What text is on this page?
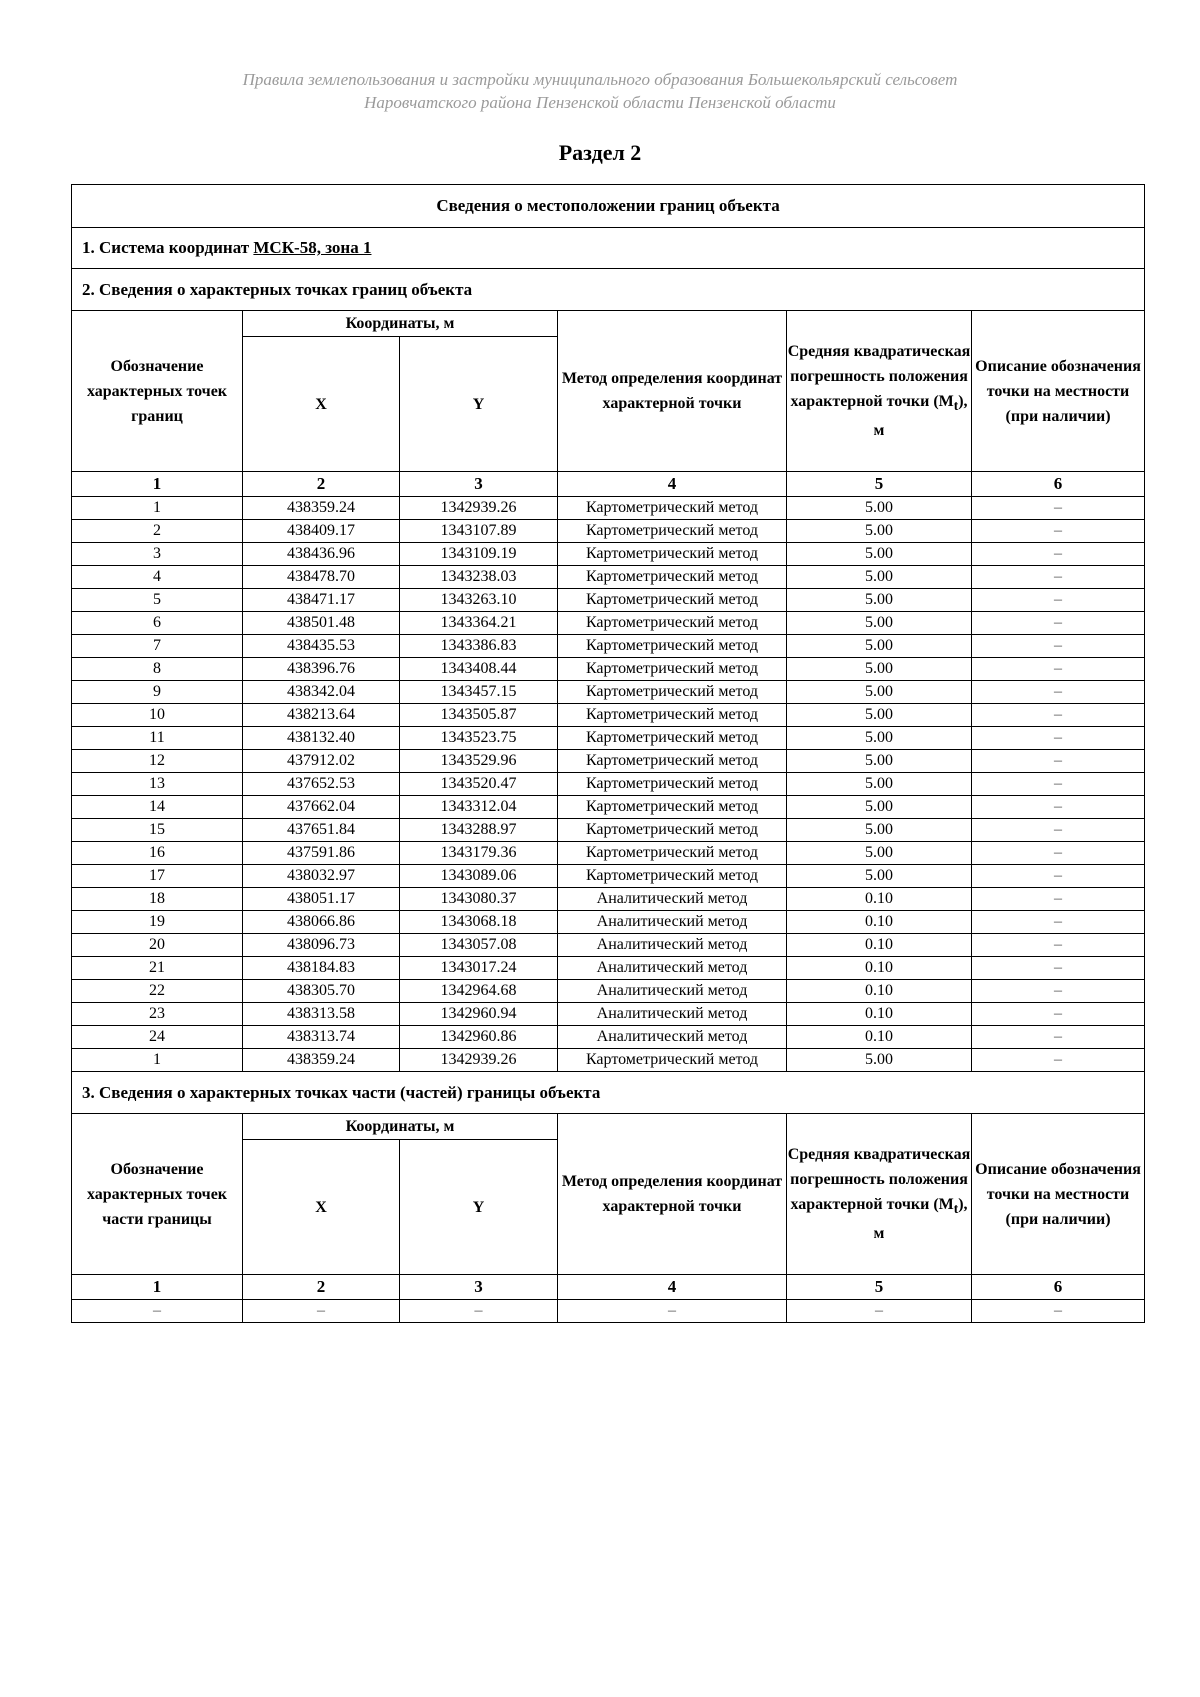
Правила землепользования и застройки муниципального образования Большекольярский сельсовет
Наровчатского района Пензенской области Пензенской области
Раздел 2
Сведения о местоположении границ объекта					
1. Система координат МСК-58, зона 1					
2. Сведения о характерных точках границ объекта					
Обозначение характерных точек границ	Координаты, м		Метод определения координат характерной точки	Средняя квадратическая погрешность положения характерной точки $(M_t)$, м	Описание обозначения точки на местности (при наличии)
	X	Y			
1	2	3	4	5	6
1	438359.24	1342939.26	Картометрический метод	5.00	–
2	438409.17	1343107.89	Картометрический метод	5.00	–
3	438436.96	1343109.19	Картометрический метод	5.00	–
4	438478.70	1343238.03	Картометрический метод	5.00	–
5	438471.17	1343263.10	Картометрический метод	5.00	–
6	438501.48	1343364.21	Картометрический метод	5.00	–
7	438435.53	1343386.83	Картометрический метод	5.00	–
8	438396.76	1343408.44	Картометрический метод	5.00	–
9	438342.04	1343457.15	Картометрический метод	5.00	–
10	438213.64	1343505.87	Картометрический метод	5.00	–
11	438132.40	1343523.75	Картометрический метод	5.00	–
12	437912.02	1343529.96	Картометрический метод	5.00	–
13	437652.53	1343520.47	Картометрический метод	5.00	–
14	437662.04	1343312.04	Картометрический метод	5.00	–
15	437651.84	1343288.97	Картометрический метод	5.00	–
16	437591.86	1343179.36	Картометрический метод	5.00	–
17	438032.97	1343089.06	Картометрический метод	5.00	–
18	438051.17	1343080.37	Аналитический метод	0.10	–
19	438066.86	1343068.18	Аналитический метод	0.10	–
20	438096.73	1343057.08	Аналитический метод	0.10	–
21	438184.83	1343017.24	Аналитический метод	0.10	–
22	438305.70	1342964.68	Аналитический метод	0.10	–
23	438313.58	1342960.94	Аналитический метод	0.10	–
24	438313.74	1342960.86	Аналитический метод	0.10	–
1	438359.24	1342939.26	Картометрический метод	5.00	–
3. Сведения о характерных точках части (частей) границы объекта					
Обозначение характерных точек части границы	Координаты, м		Метод определения координат характерной точки	Средняя квадратическая погрешность положения характерной точки $(M_t)$, м	Описание обозначения точки на местности (при наличии)
	X	Y			
1	2	3	4	5	6
–	–	–	–	–	–
